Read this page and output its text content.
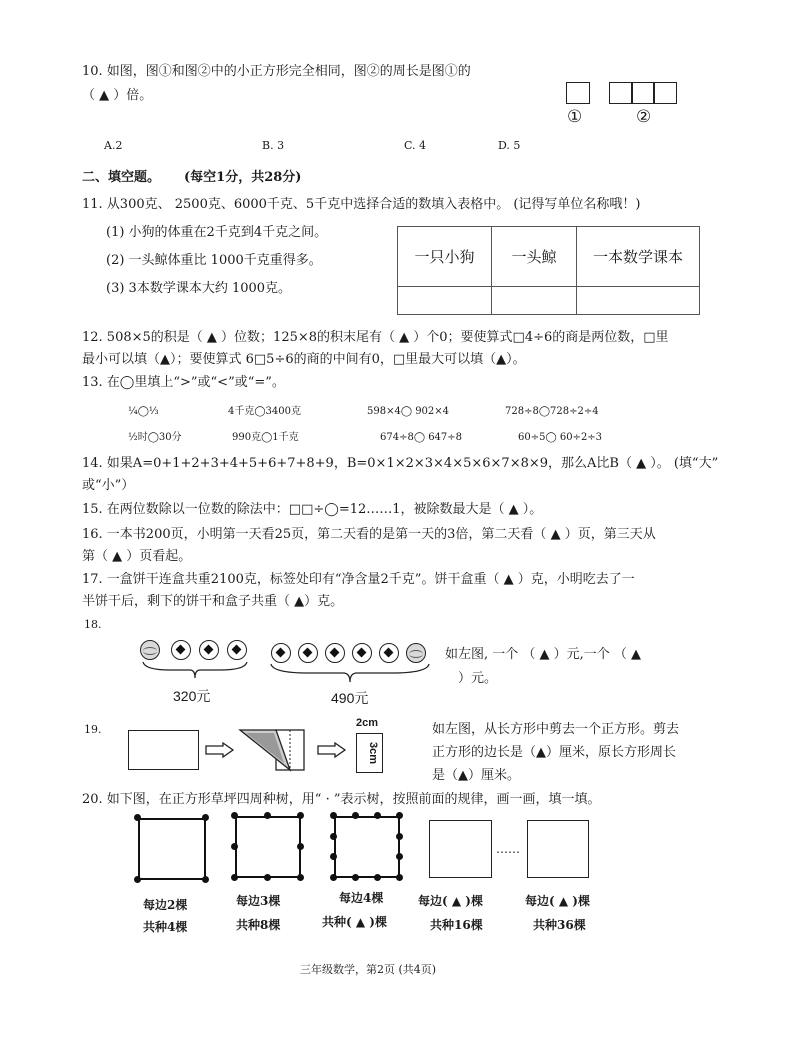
10. 如图，图①和图②中的小正方形完全相同，图②的周长是图①的
（ ▲ ）倍。
A.2	B. 3	C. 4	D. 5
①	②
二、填空题。 (每空1分，共28分)
11. 从300克、 2500克、6000千克、5千克中选择合适的数填入表格中。 (记得写单位名称哦！)
(1) 小狗的体重在2千克到4千克之间。
(2) 一头鲸体重比 1000千克重得多。
(3) 3本数学课本大约 1000克。
一只小狗	一头鲸	一本数学课本

12. 508×5的积是（ ▲ ）位数；125×8的积末尾有（ ▲ ）个0；要使算式□4÷6的商是两位数，□里
最小可以填（▲）；要使算式 6□5÷6的商的中间有0，□里最大可以填（▲）。
13. 在◯里填上“>”或“<”或“=”。
¼◯⅓	4千克◯3400克	598×4◯ 902×4	728÷8◯728÷2÷4
½时◯30分	990克◯1千克	674÷8◯ 647÷8	60÷5◯ 60÷2÷3
14. 如果A=0+1+2+3+4+5+6+7+8+9，B=0×1×2×3×4×5×6×7×8×9，那么A比B（ ▲ ）。 (填“大”
或“小”）
15. 在两位数除以一位数的除法中：□□÷◯=12……1，被除数最大是（ ▲ ）。
16. 一本书200页，小明第一天看25页，第二天看的是第一天的3倍，第二天看（ ▲ ）页，第三天从
第（ ▲ ）页看起。
17. 一盒饼干连盒共重2100克，标签处印有“净含量2千克”。饼干盒重（ ▲ ）克，小明吃去了一
半饼干后，剩下的饼干和盒子共重（ ▲）克。
18.
320元	490元
如左图, 一个 （ ▲ ）元,一个 （ ▲
）元。
19.	2cm
3cm
如左图，从长方形中剪去一个正方形。剪去
正方形的边长是（▲）厘米，原长方形周长
是（▲）厘米。
20. 如下图，在正方形草坪四周种树，用“ · ”表示树，按照前面的规律，画一画，填一填。
……
每边2棵
共种4棵
每边3棵
共种8棵
每边4棵
共种( ▲ )棵
每边( ▲ )棵
共种16棵
每边( ▲ )棵
共种36棵
三年级数学，第2页 (共4页)
